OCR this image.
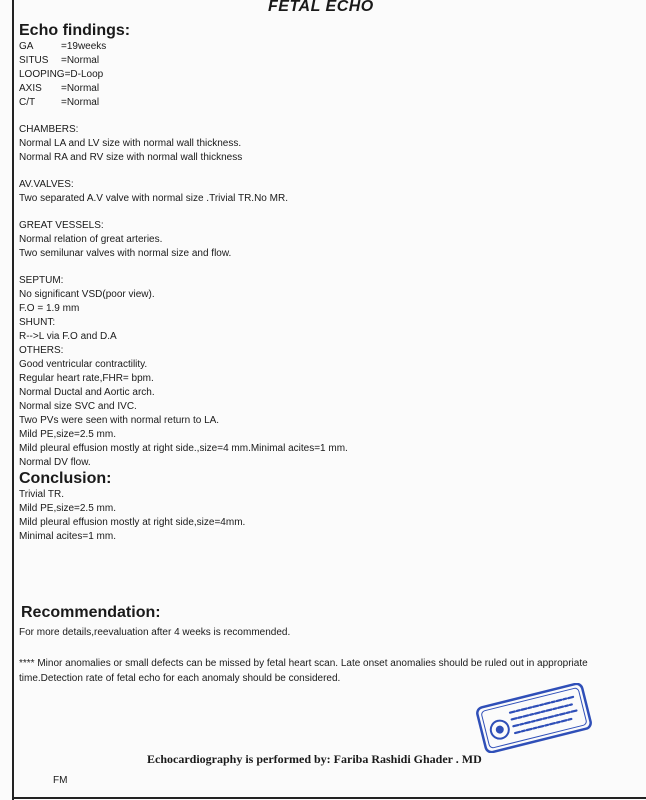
FETAL ECHO
Echo findings:
GA	=19weeks
SITUS	=Normal
LOOPING =D-Loop
AXIS	=Normal
C/T	=Normal
CHAMBERS:
Normal LA and LV size with normal wall thickness.
Normal RA and RV size with normal wall thickness
AV.VALVES:
Two separated A.V valve with normal size .Trivial TR.No MR.
GREAT VESSELS:
Normal relation of great arteries.
Two semilunar valves with normal size and flow.
SEPTUM:
No significant VSD(poor view).
F.O = 1.9 mm
SHUNT:
R-->L via F.O and D.A
OTHERS:
Good ventricular contractility.
Regular heart rate,FHR= bpm.
Normal Ductal and Aortic arch.
Normal size SVC and IVC.
Two PVs were seen with normal return to LA.
Mild PE,size=2.5 mm.
Mild pleural effusion mostly at right side.,size=4 mm.Minimal acites=1 mm.
Normal DV flow.
Conclusion:
Trivial TR.
Mild PE,size=2.5 mm.
Mild pleural effusion mostly at right side,size=4mm.
Minimal acites=1 mm.
Recommendation:
For more details,reevaluation after 4 weeks is recommended.
**** Minor anomalies or small defects can be missed by fetal heart scan. Late onset anomalies should be ruled out in appropriate time.Detection rate of fetal echo for each anomaly should be considered.
Echocardiography is performed by: Fariba Rashidi Ghader . MD
FM
